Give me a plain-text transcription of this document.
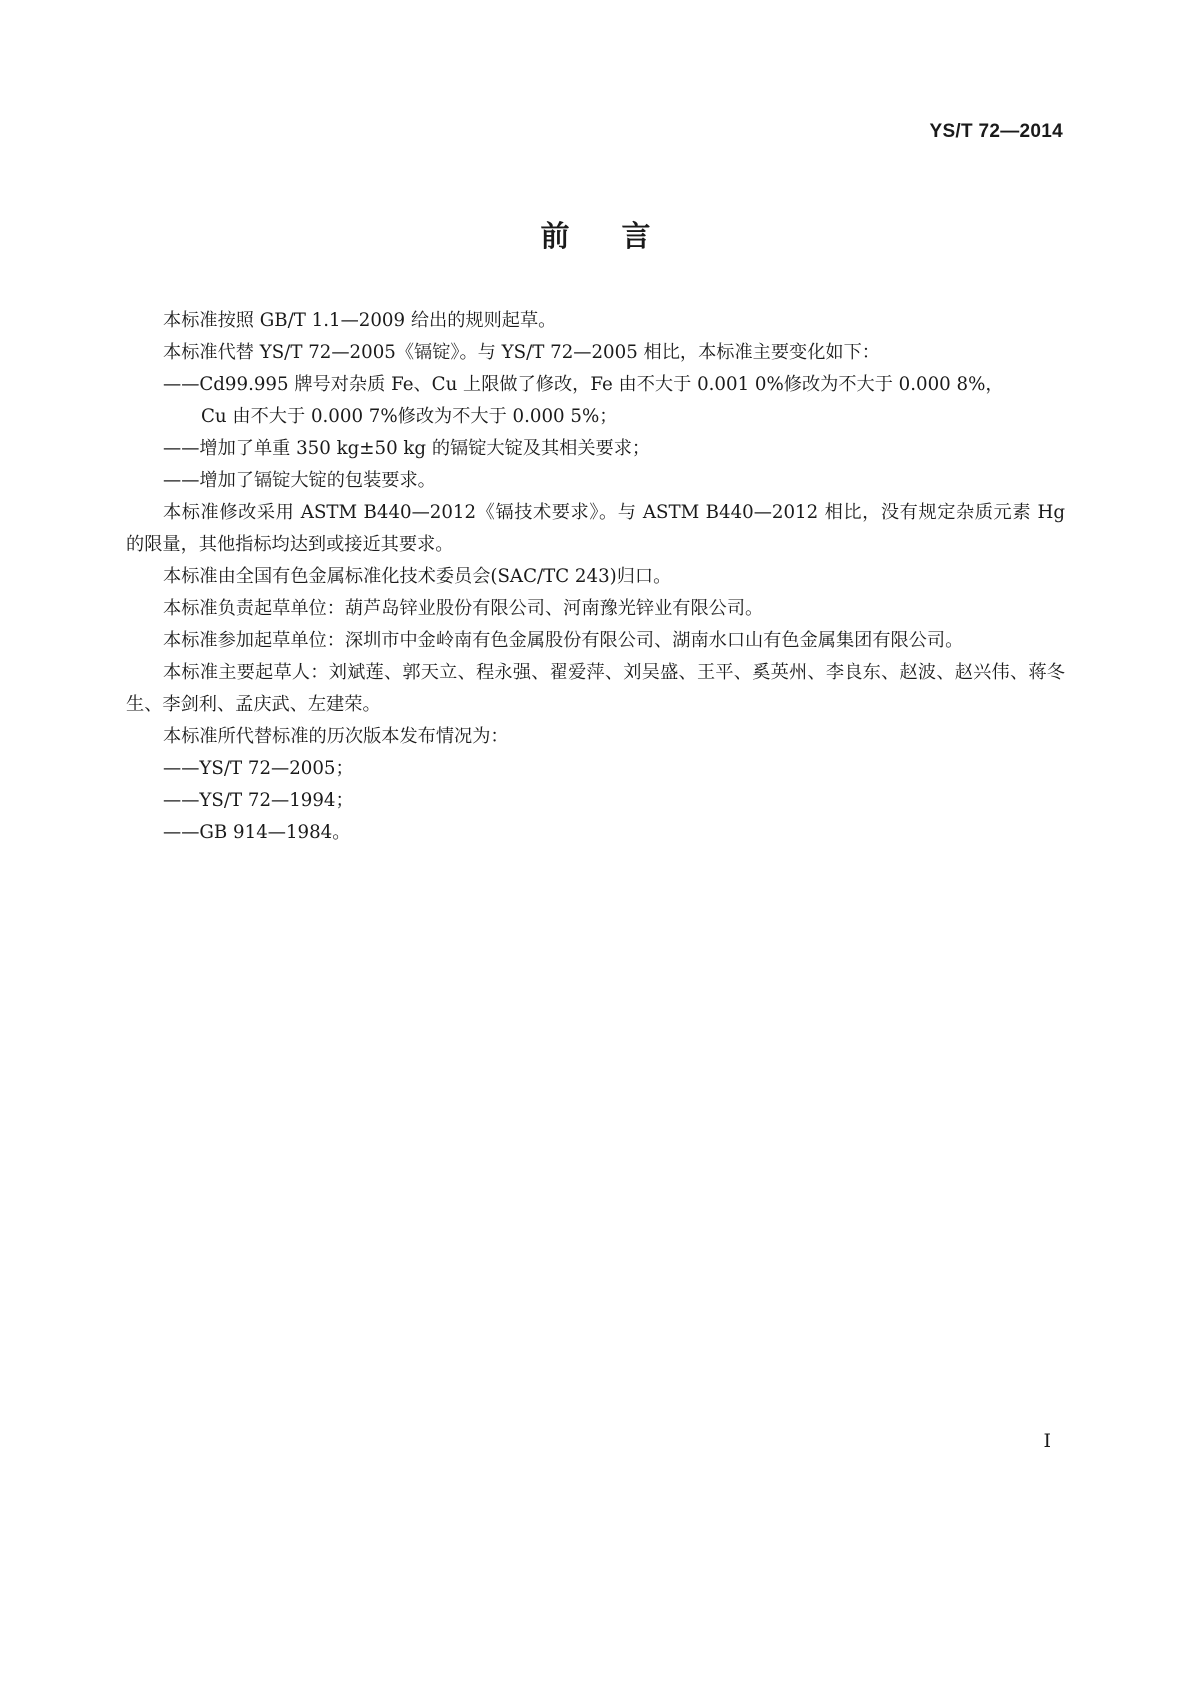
YS/T 72—2014
前言

本标准按照 GB/T 1.1—2009 给出的规则起草。

本标准代替 YS/T 72—2005《镉锭》。与 YS/T 72—2005 相比，本标准主要变化如下：

——Cd99.995 牌号对杂质 Fe、Cu 上限做了修改，Fe 由不大于 0.001 0%修改为不大于 0.000 8%，

Cu 由不大于 0.000 7%修改为不大于 0.000 5%；

——增加了单重 350 kg±50 kg 的镉锭大锭及其相关要求；

——增加了镉锭大锭的包装要求。

本标准修改采用 ASTM B440—2012《镉技术要求》。与 ASTM B440—2012 相比，没有规定杂质元素 Hg 的限量，其他指标均达到或接近其要求。

本标准由全国有色金属标准化技术委员会(SAC/TC 243)归口。

本标准负责起草单位：葫芦岛锌业股份有限公司、河南豫光锌业有限公司。

本标准参加起草单位：深圳市中金岭南有色金属股份有限公司、湖南水口山有色金属集团有限公司。

本标准主要起草人：刘斌莲、郭天立、程永强、翟爱萍、刘吴盛、王平、奚英州、李良东、赵波、赵兴伟、蒋冬生、李剑利、孟庆武、左建荣。

本标准所代替标准的历次版本发布情况为：

——YS/T 72—2005；

——YS/T 72—1994；

——GB 914—1984。

I
